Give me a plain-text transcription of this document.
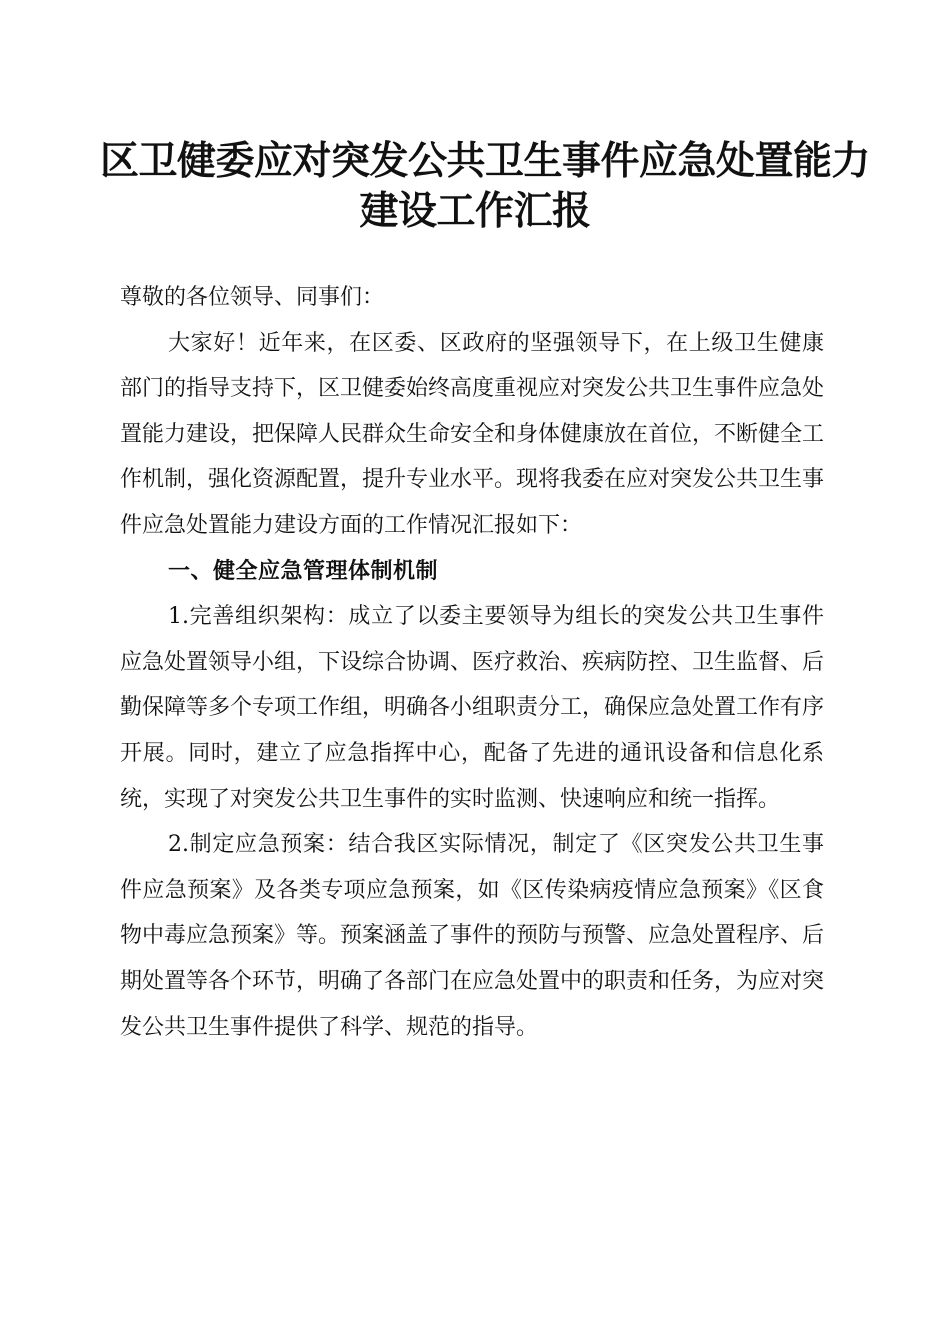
区卫健委应对突发公共卫生事件应急处置能力
建设工作汇报

尊敬的各位领导、同事们：

大家好！近年来，在区委、区政府的坚强领导下，在上级卫生健康部门的指导支持下，区卫健委始终高度重视应对突发公共卫生事件应急处置能力建设，把保障人民群众生命安全和身体健康放在首位，不断健全工作机制，强化资源配置，提升专业水平。现将我委在应对突发公共卫生事件应急处置能力建设方面的工作情况汇报如下：

一、健全应急管理体制机制

1.完善组织架构：成立了以委主要领导为组长的突发公共卫生事件应急处置领导小组，下设综合协调、医疗救治、疾病防控、卫生监督、后勤保障等多个专项工作组，明确各小组职责分工，确保应急处置工作有序开展。同时，建立了应急指挥中心，配备了先进的通讯设备和信息化系统，实现了对突发公共卫生事件的实时监测、快速响应和统一指挥。

2.制定应急预案：结合我区实际情况，制定了《区突发公共卫生事件应急预案》及各类专项应急预案，如《区传染病疫情应急预案》《区食物中毒应急预案》等。预案涵盖了事件的预防与预警、应急处置程序、后期处置等各个环节，明确了各部门在应急处置中的职责和任务，为应对突发公共卫生事件提供了科学、规范的指导。
